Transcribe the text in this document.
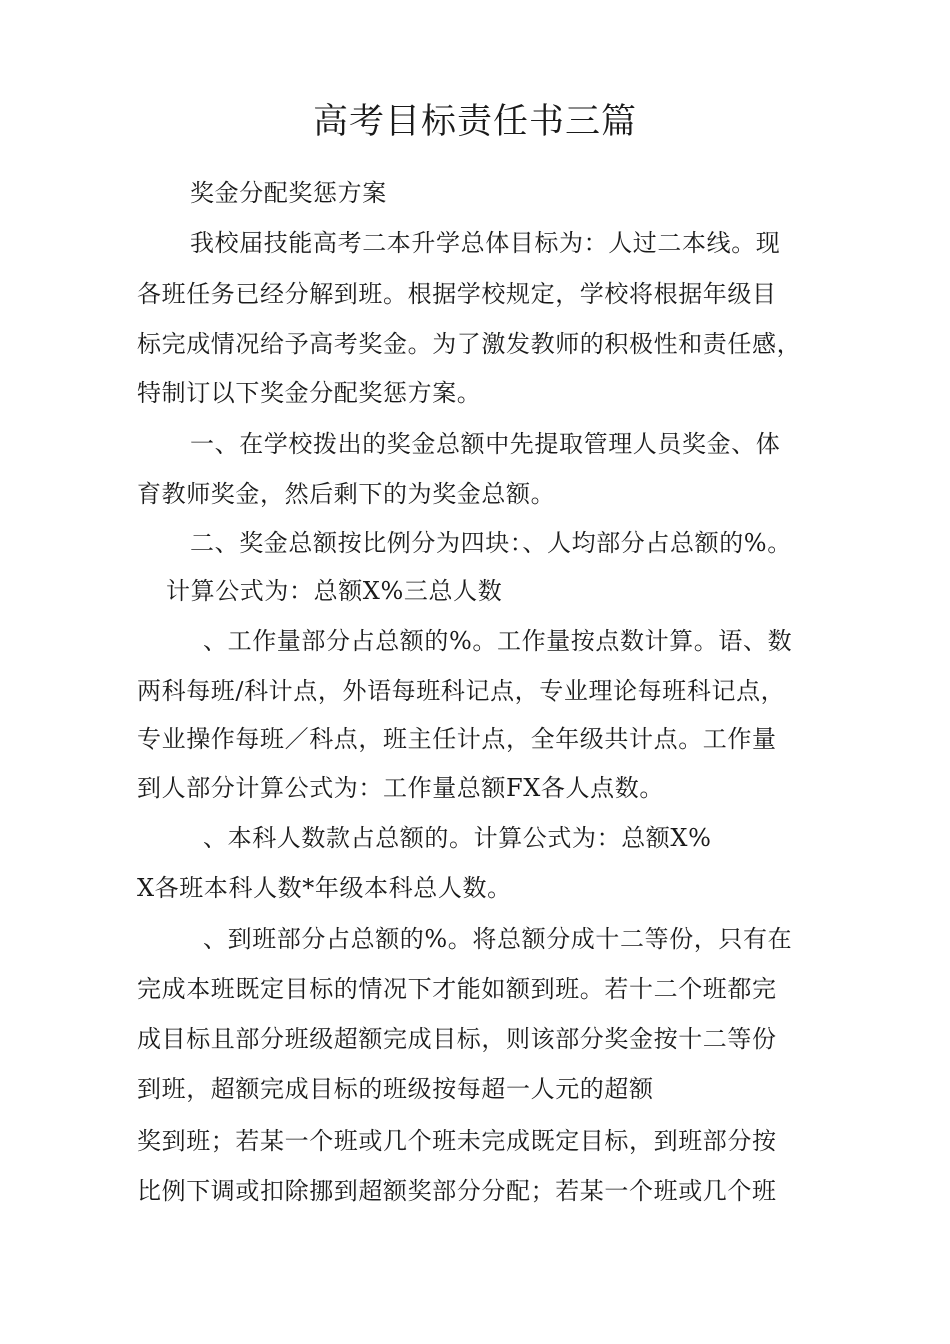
高考目标责任书三篇
奖金分配奖惩方案
我校届技能高考二本升学总体目标为：人过二本线。现
各班任务已经分解到班。根据学校规定，学校将根据年级目
标完成情况给予高考奖金。为了激发教师的积极性和责任感，
特制订以下奖金分配奖惩方案。
一、在学校拨出的奖金总额中先提取管理人员奖金、体
育教师奖金，然后剩下的为奖金总额。
二、奖金总额按比例分为四块：、人均部分占总额的%。
计算公式为：总额X%三总人数
、工作量部分占总额的%。工作量按点数计算。语、数
两科每班/科计点，外语每班科记点，专业理论每班科记点，
专业操作每班／科点，班主任计点，全年级共计点。工作量
到人部分计算公式为：工作量总额FX各人点数。
、本科人数款占总额的。计算公式为：总额X%
X各班本科人数*年级本科总人数。
、到班部分占总额的%。将总额分成十二等份，只有在
完成本班既定目标的情况下才能如额到班。若十二个班都完
成目标且部分班级超额完成目标，则该部分奖金按十二等份
到班，超额完成目标的班级按每超一人元的超额
奖到班；若某一个班或几个班未完成既定目标，到班部分按
比例下调或扣除挪到超额奖部分分配；若某一个班或几个班
